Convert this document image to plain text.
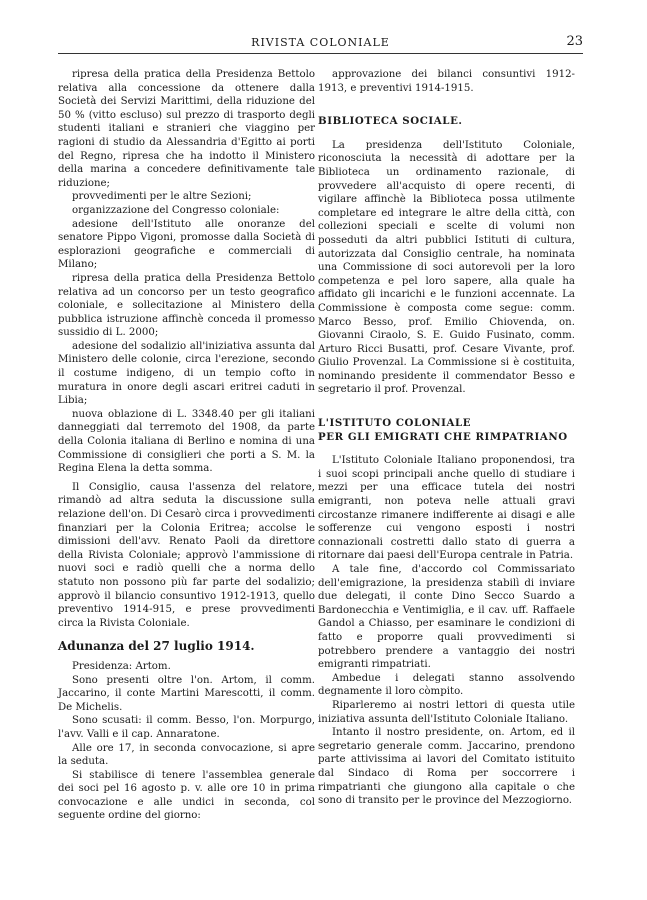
RIVISTA COLONIALE	23

ripresa della pratica della Presidenza Bettolo relativa alla concessione da ottenere dalla Società dei Servizi Marittimi, della riduzione del 50 % (vitto escluso) sul prezzo di trasporto degli studenti italiani e stranieri che viaggino per ragioni di studio da Alessandria d'Egitto ai porti del Regno, ripresa che ha indotto il Ministero della marina a concedere definitivamente tale riduzione;

provvedimenti per le altre Sezioni;

organizzazione del Congresso coloniale:

adesione dell'Istituto alle onoranze del senatore Pippo Vigoni, promosse dalla Società di esplorazioni geografiche e commerciali di Milano;

ripresa della pratica della Presidenza Bettolo relativa ad un concorso per un testo geografico coloniale, e sollecitazione al Ministero della pubblica istruzione affinchè conceda il promesso sussidio di L. 2000;

adesione del sodalizio all'iniziativa assunta dal Ministero delle colonie, circa l'erezione, secondo il costume indigeno, di un tempio cofto in muratura in onore degli ascari eritrei caduti in Libia;

nuova oblazione di L. 3348.40 per gli italiani danneggiati dal terremoto del 1908, da parte della Colonia italiana di Berlino e nomina di una Commissione di consiglieri che porti a S. M. la Regina Elena la detta somma.

Il Consiglio, causa l'assenza del relatore, rimandò ad altra seduta la discussione sulla relazione dell'on. Di Cesarò circa i provvedimenti finanziari per la Colonia Eritrea; accolse le dimissioni dell'avv. Renato Paoli da direttore della Rivista Coloniale; approvò l'ammissione di nuovi soci e radiò quelli che a norma dello statuto non possono più far parte del sodalizio; approvò il bilancio consuntivo 1912-1913, quello preventivo 1914-915, e prese provvedimenti circa la Rivista Coloniale.

Adunanza del 27 luglio 1914.

Presidenza: Artom.

Sono presenti oltre l'on. Artom, il comm. Jaccarino, il conte Martini Marescotti, il comm. De Michelis.

Sono scusati: il comm. Besso, l'on. Morpurgo, l'avv. Valli e il cap. Annaratone.

Alle ore 17, in seconda convocazione, si apre la seduta.

Si stabilisce di tenere l'assemblea generale dei soci pel 16 agosto p. v. alle ore 10 in prima convocazione e alle undici in seconda, col seguente ordine del giorno:

approvazione dei bilanci consuntivi 1912-1913, e preventivi 1914-1915.

BIBLIOTECA SOCIALE.

La presidenza dell'Istituto Coloniale, riconosciuta la necessità di adottare per la Biblioteca un ordinamento razionale, di provvedere all'acquisto di opere recenti, di vigilare affinchè la Biblioteca possa utilmente completare ed integrare le altre della città, con collezioni speciali e scelte di volumi non posseduti da altri pubblici Istituti di cultura, autorizzata dal Consiglio centrale, ha nominata una Commissione di soci autorevoli per la loro competenza e pel loro sapere, alla quale ha affidato gli incarichi e le funzioni accennate. La Commissione è composta come segue: comm. Marco Besso, prof. Emilio Chiovenda, on. Giovanni Ciraolo, S. E. Guido Fusinato, comm. Arturo Ricci Busatti, prof. Cesare Vivante, prof. Giulio Provenzal. La Commissione si è costituita, nominando presidente il commendator Besso e segretario il prof. Provenzal.

L'ISTITUTO COLONIALE

PER GLI EMIGRATI CHE RIMPATRIANO

L'Istituto Coloniale Italiano proponendosi, tra i suoi scopi principali anche quello di studiare i mezzi per una efficace tutela dei nostri emigranti, non poteva nelle attuali gravi circostanze rimanere indifferente ai disagi e alle sofferenze cui vengono esposti i nostri connazionali costretti dallo stato di guerra a ritornare dai paesi dell'Europa centrale in Patria.

A tale fine, d'accordo col Commissariato dell'emigrazione, la presidenza stabilì di inviare due delegati, il conte Dino Secco Suardo a Bardonecchia e Ventimiglia, e il cav. uff. Raffaele Gandol a Chiasso, per esaminare le condizioni di fatto e proporre quali provvedimenti si potrebbero prendere a vantaggio dei nostri emigranti rimpatriati.

Ambedue i delegati stanno assolvendo degnamente il loro còmpito.

Riparleremo ai nostri lettori di questa utile iniziativa assunta dell'Istituto Coloniale Italiano.

Intanto il nostro presidente, on. Artom, ed il segretario generale comm. Jaccarino, prendono parte attivissima ai lavori del Comitato istituito dal Sindaco di Roma per soccorrere i rimpatrianti che giungono alla capitale o che sono di transito per le province del Mezzogiorno.
